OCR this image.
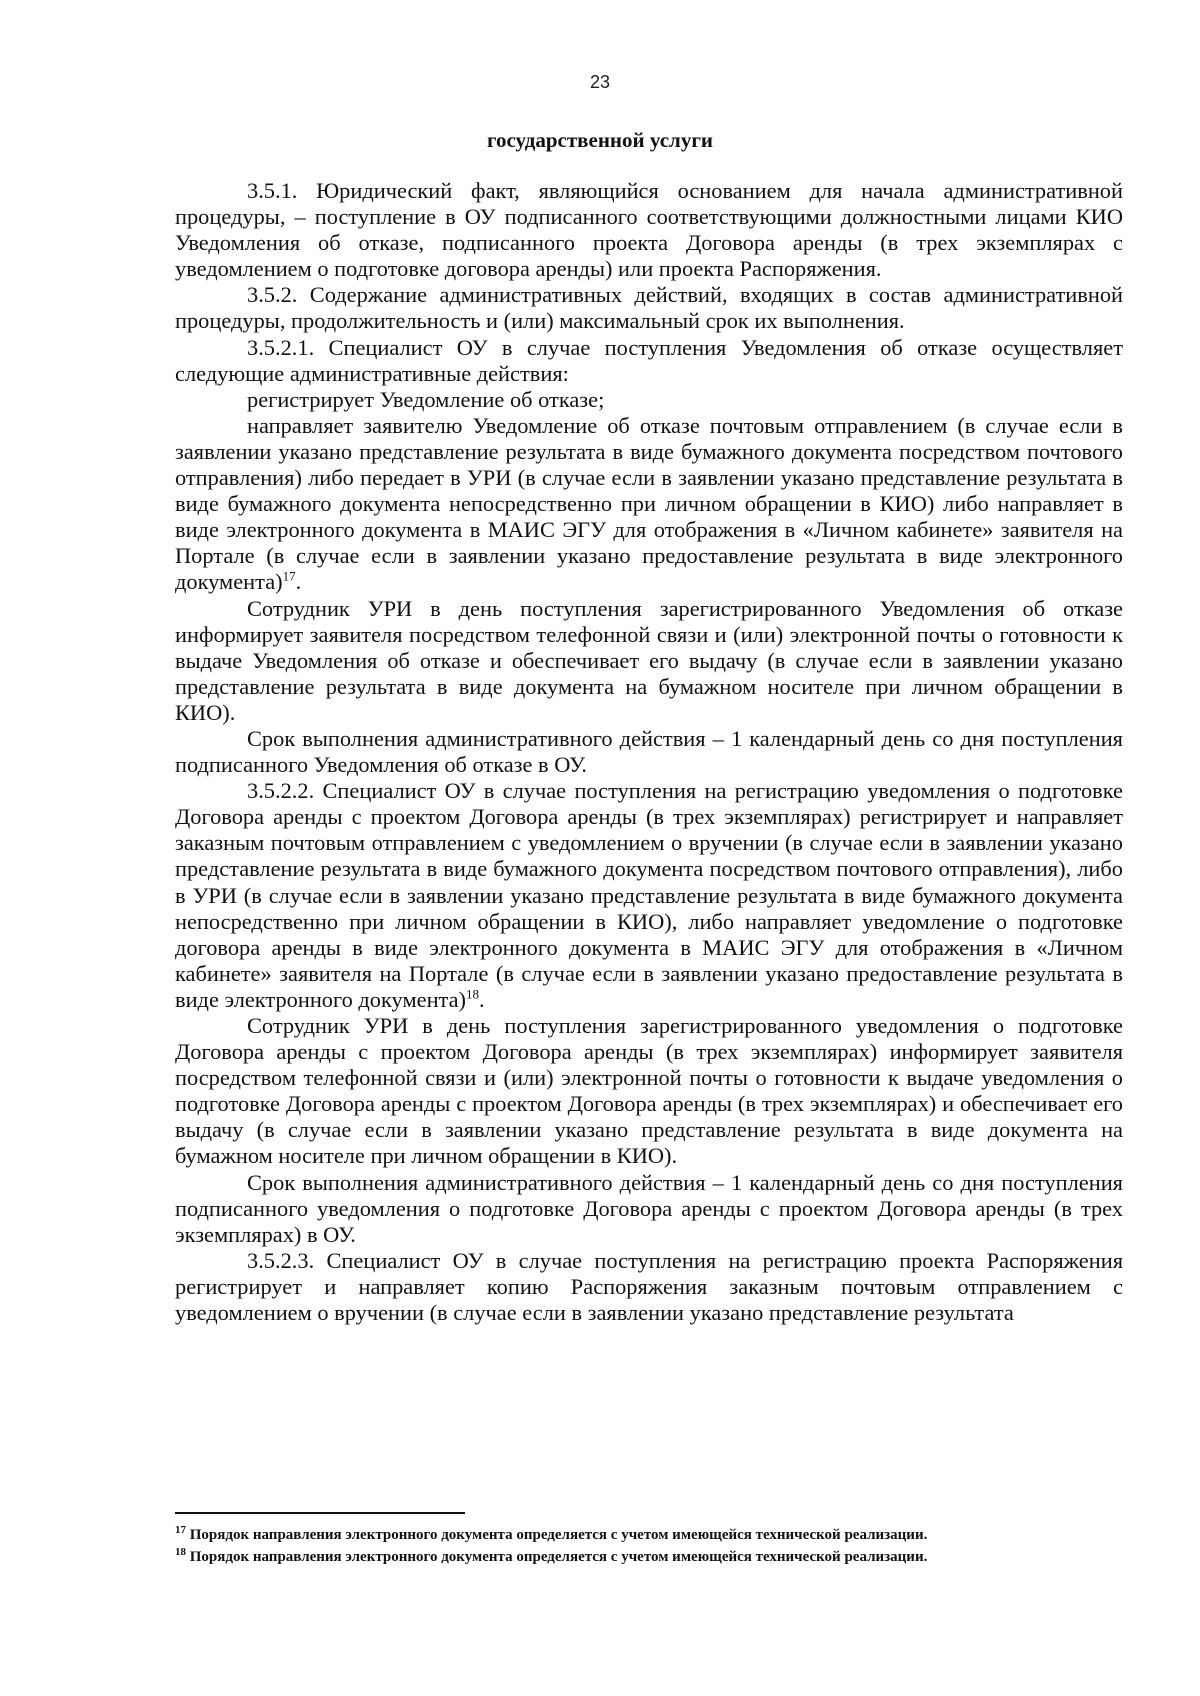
23
государственной услуги

3.5.1. Юридический факт, являющийся основанием для начала административной процедуры, – поступление в ОУ подписанного соответствующими должностными лицами КИО Уведомления об отказе, подписанного проекта Договора аренды (в трех экземплярах с уведомлением о подготовке договора аренды) или проекта Распоряжения.

3.5.2. Содержание административных действий, входящих в состав административной процедуры, продолжительность и (или) максимальный срок их выполнения.

3.5.2.1. Специалист ОУ в случае поступления Уведомления об отказе осуществляет следующие административные действия:

регистрирует Уведомление об отказе;

направляет заявителю Уведомление об отказе почтовым отправлением (в случае если в заявлении указано представление результата в виде бумажного документа посредством почтового отправления) либо передает в УРИ (в случае если в заявлении указано представление результата в виде бумажного документа непосредственно при личном обращении в КИО) либо направляет в виде электронного документа в МАИС ЭГУ для отображения в «Личном кабинете» заявителя на Портале (в случае если в заявлении указано предоставление результата в виде электронного документа)$^{17}$.

Сотрудник УРИ в день поступления зарегистрированного Уведомления об отказе информирует заявителя посредством телефонной связи и (или) электронной почты о готовности к выдаче Уведомления об отказе и обеспечивает его выдачу (в случае если в заявлении указано представление результата в виде документа на бумажном носителе при личном обращении в КИО).

Срок выполнения административного действия – 1 календарный день со дня поступления подписанного Уведомления об отказе в ОУ.

3.5.2.2. Специалист ОУ в случае поступления на регистрацию уведомления о подготовке Договора аренды с проектом Договора аренды (в трех экземплярах) регистрирует и направляет заказным почтовым отправлением с уведомлением о вручении (в случае если в заявлении указано представление результата в виде бумажного документа посредством почтового отправления), либо в УРИ (в случае если в заявлении указано представление результата в виде бумажного документа непосредственно при личном обращении в КИО), либо направляет уведомление о подготовке договора аренды в виде электронного документа в МАИС ЭГУ для отображения в «Личном кабинете» заявителя на Портале (в случае если в заявлении указано предоставление результата в виде электронного документа)$^{18}$.

Сотрудник УРИ в день поступления зарегистрированного уведомления о подготовке Договора аренды с проектом Договора аренды (в трех экземплярах) информирует заявителя посредством телефонной связи и (или) электронной почты о готовности к выдаче уведомления о подготовке Договора аренды с проектом Договора аренды (в трех экземплярах) и обеспечивает его выдачу (в случае если в заявлении указано представление результата в виде документа на бумажном носителе при личном обращении в КИО).

Срок выполнения административного действия – 1 календарный день со дня поступления подписанного уведомления о подготовке Договора аренды с проектом Договора аренды (в трех экземплярах) в ОУ.

3.5.2.3. Специалист ОУ в случае поступления на регистрацию проекта Распоряжения регистрирует и направляет копию Распоряжения заказным почтовым отправлением с уведомлением о вручении (в случае если в заявлении указано представление результата

$^{17}$ Порядок направления электронного документа определяется с учетом имеющейся технической реализации.
$^{18}$ Порядок направления электронного документа определяется с учетом имеющейся технической реализации.
